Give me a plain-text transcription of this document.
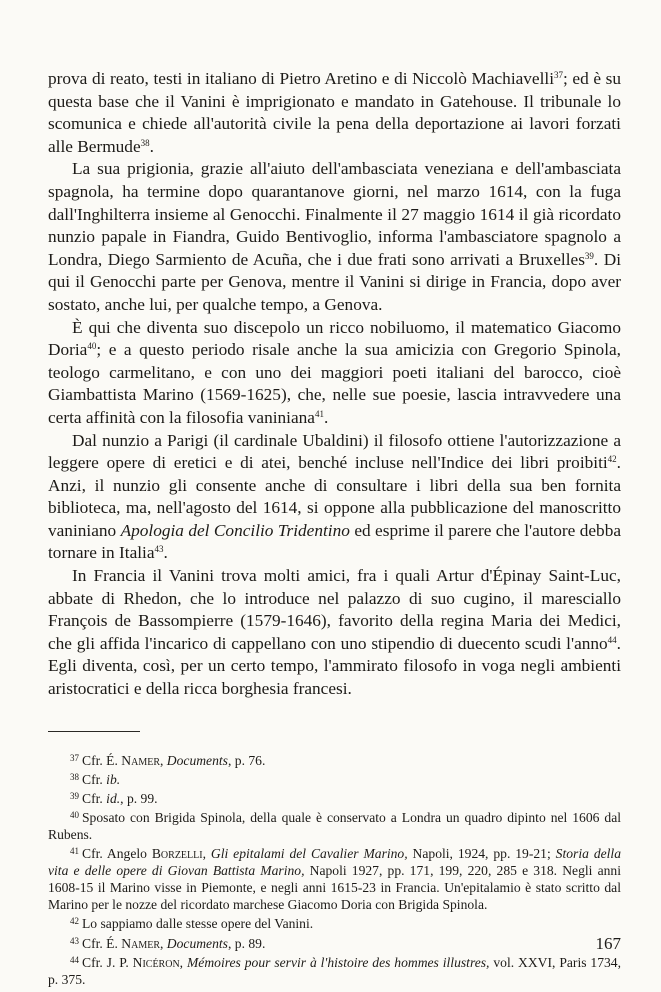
prova di reato, testi in italiano di Pietro Aretino e di Niccolò Machiavelli$^{37}$; ed è su questa base che il Vanini è imprigionato e mandato in Gatehouse. Il tribunale lo scomunica e chiede all'autorità civile la pena della deportazione ai lavori forzati alle Bermude$^{38}$.

La sua prigionia, grazie all'aiuto dell'ambasciata veneziana e dell'ambasciata spagnola, ha termine dopo quarantanove giorni, nel marzo 1614, con la fuga dall'Inghilterra insieme al Genocchi. Finalmente il 27 maggio 1614 il già ricordato nunzio papale in Fiandra, Guido Bentivoglio, informa l'ambasciatore spagnolo a Londra, Diego Sarmiento de Acuña, che i due frati sono arrivati a Bruxelles$^{39}$. Di qui il Genocchi parte per Genova, mentre il Vanini si dirige in Francia, dopo aver sostato, anche lui, per qualche tempo, a Genova.

È qui che diventa suo discepolo un ricco nobiluomo, il matematico Giacomo Doria$^{40}$; e a questo periodo risale anche la sua amicizia con Gregorio Spinola, teologo carmelitano, e con uno dei maggiori poeti italiani del barocco, cioè Giambattista Marino (1569-1625), che, nelle sue poesie, lascia intravvedere una certa affinità con la filosofia vaniniana$^{41}$.

Dal nunzio a Parigi (il cardinale Ubaldini) il filosofo ottiene l'autorizzazione a leggere opere di eretici e di atei, benché incluse nell'Indice dei libri proibiti$^{42}$. Anzi, il nunzio gli consente anche di consultare i libri della sua ben fornita biblioteca, ma, nell'agosto del 1614, si oppone alla pubblicazione del manoscritto vaniniano Apologia del Concilio Tridentino ed esprime il parere che l'autore debba tornare in Italia$^{43}$.

In Francia il Vanini trova molti amici, fra i quali Artur d'Épinay Saint-Luc, abbate di Rhedon, che lo introduce nel palazzo di suo cugino, il maresciallo François de Bassompierre (1579-1646), favorito della regina Maria dei Medici, che gli affida l'incarico di cappellano con uno stipendio di duecento scudi l'anno$^{44}$. Egli diventa, così, per un certo tempo, l'ammirato filosofo in voga negli ambienti aristocratici e della ricca borghesia francesi.

$^{37}$ Cfr. É. Namer, Documents, p. 76.

$^{38}$ Cfr. ib.

$^{39}$ Cfr. id., p. 99.

$^{40}$ Sposato con Brigida Spinola, della quale è conservato a Londra un quadro dipinto nel 1606 dal Rubens.

$^{41}$ Cfr. Angelo Borzelli, Gli epitalami del Cavalier Marino, Napoli, 1924, pp. 19-21; Storia della vita e delle opere di Giovan Battista Marino, Napoli 1927, pp. 171, 199, 220, 285 e 318. Negli anni 1608-15 il Marino visse in Piemonte, e negli anni 1615-23 in Francia. Un'epitalamio è stato scritto dal Marino per le nozze del ricordato marchese Giacomo Doria con Brigida Spinola.

$^{42}$ Lo sappiamo dalle stesse opere del Vanini.

$^{43}$ Cfr. É. Namer, Documents, p. 89.

$^{44}$ Cfr. J. P. Nicéron, Mémoires pour servir à l'histoire des hommes illustres, vol. XXVI, Paris 1734, p. 375.

167
